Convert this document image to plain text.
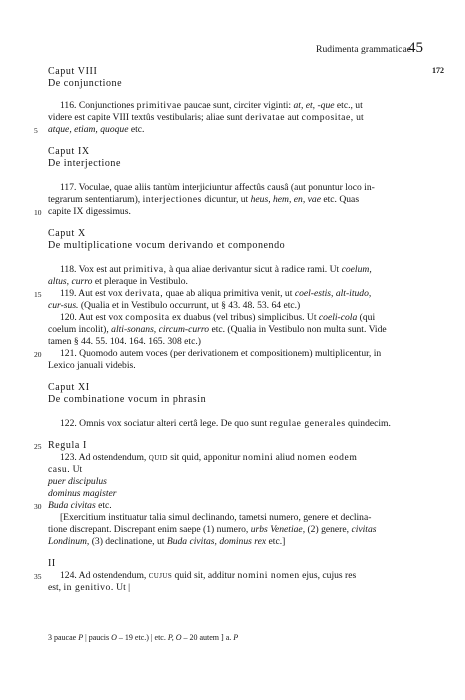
Rudimenta grammaticae
45
172
Caput VIII
De conjunctione
116. Conjunctiones primitivae paucae sunt, circiter viginti: at, et, -que etc., ut
videre est capite VIII textûs vestibularis; aliae sunt derivatae aut compositae, ut
atque, etiam, quoque etc.
5
Caput IX
De interjectione
117. Voculae, quae aliis tantùm interjiciuntur affectûs causâ (aut ponuntur loco in-
tegrarum sententiarum), interjectiones dicuntur, ut heus, hem, en, vae etc. Quas
capite IX digessimus.
10
Caput X
De multiplicatione vocum derivando et componendo
118. Vox est aut primitiva, à qua aliae derivantur sicut à radice rami. Ut coelum,
altus, curro et pleraque in Vestibulo.
119. Aut est vox derivata, quae ab aliqua primitiva venit, ut coel-estis, alt-itudo,
15
cur-sus. (Qualia et in Vestibulo occurrunt, ut § 43. 48. 53. 64 etc.)
120. Aut est vox composita ex duabus (vel tribus) simplicibus. Ut coeli-cola (qui
coelum incolit), alti-sonans, circum-curro etc. (Qualia in Vestibulo non multa sunt. Vide
tamen § 44. 55. 104. 164. 165. 308 etc.)
121. Quomodo autem voces (per derivationem et compositionem) multiplicentur, in
20
Lexico januali videbis.
Caput XI
De combinatione vocum in phrasin
122. Omnis vox sociatur alteri certâ lege. De quo sunt regulae generales quindecim.
Regula I
25
123. Ad ostendendum, quid sit quid, apponitur nomini aliud nomen eodem
casu. Ut
puer discipulus
dominus magister
Buda civitas etc.
30
[Exercitium instituatur talia simul declinando, tametsi numero, genere et declina-
tione discrepant. Discrepant enim saepe (1) numero, urbs Venetiae, (2) genere, civitas
Londinum, (3) declinatione, ut Buda civitas, dominus rex etc.]
II
124. Ad ostendendum, cujus quid sit, additur nomini nomen ejus, cujus res
35
est, in genitivo. Ut |
3 paucae P | paucis O – 19 etc.) | etc. P, O – 20 autem ] a. P
